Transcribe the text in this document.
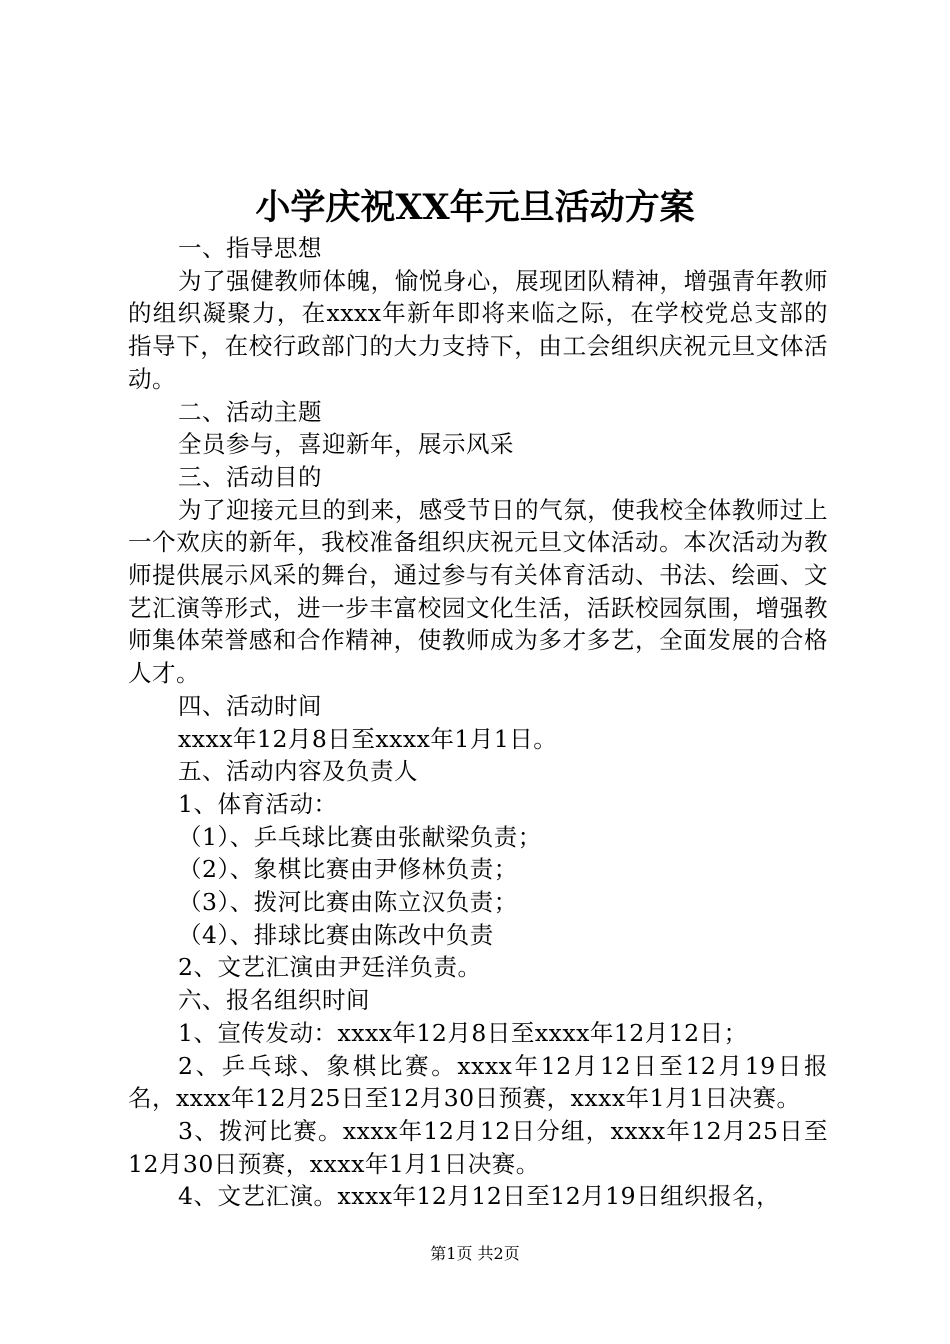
小学庆祝XX年元旦活动方案

一、指导思想

为了强健教师体魄，愉悦身心，展现团队精神，增强青年教师的组织凝聚力，在xxxx年新年即将来临之际，在学校党总支部的指导下，在校行政部门的大力支持下，由工会组织庆祝元旦文体活动。

二、活动主题

全员参与，喜迎新年，展示风采

三、活动目的

为了迎接元旦的到来，感受节日的气氛，使我校全体教师过上一个欢庆的新年，我校准备组织庆祝元旦文体活动。本次活动为教师提供展示风采的舞台，通过参与有关体育活动、书法、绘画、文艺汇演等形式，进一步丰富校园文化生活，活跃校园氛围，增强教师集体荣誉感和合作精神，使教师成为多才多艺，全面发展的合格人才。

四、活动时间

xxxx年12月8日至xxxx年1月1日。

五、活动内容及负责人

1、体育活动：

（1）、乒乓球比赛由张献梁负责；

（2）、象棋比赛由尹修林负责；

（3）、拨河比赛由陈立汉负责；

（4）、排球比赛由陈改中负责

2、文艺汇演由尹廷洋负责。

六、报名组织时间

1、宣传发动：xxxx年12月8日至xxxx年12月12日；

2、乒乓球、象棋比赛。xxxx年12月12日至12月19日报名，xxxx年12月25日至12月30日预赛，xxxx年1月1日决赛。

3、拨河比赛。xxxx年12月12日分组，xxxx年12月25日至12月30日预赛，xxxx年1月1日决赛。

4、文艺汇演。xxxx年12月12日至12月19日组织报名，

第1页 共2页
